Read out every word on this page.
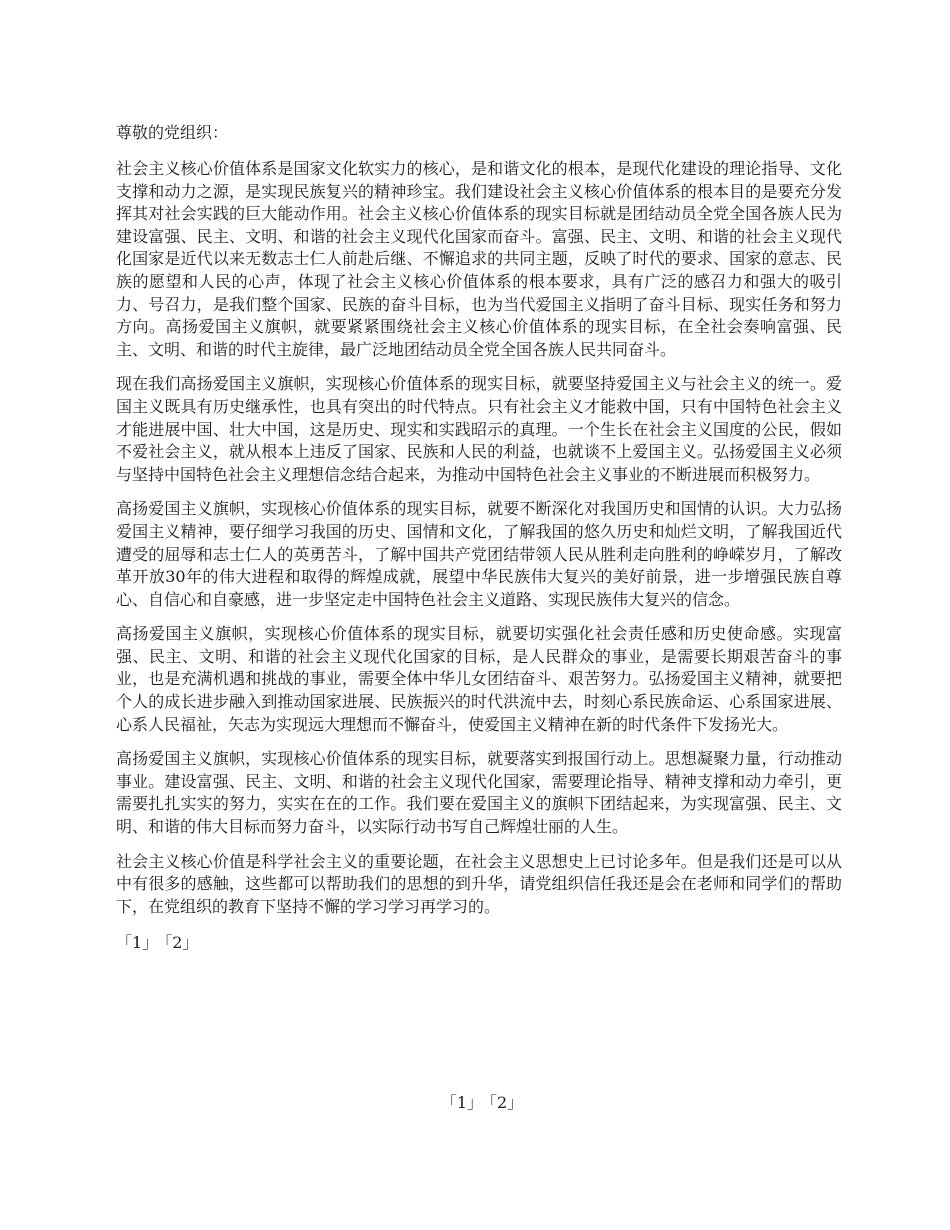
尊敬的党组织：

社会主义核心价值体系是国家文化软实力的核心，是和谐文化的根本，是现代化建设的理论指导、文化支撑和动力之源，是实现民族复兴的精神珍宝。我们建设社会主义核心价值体系的根本目的是要充分发挥其对社会实践的巨大能动作用。社会主义核心价值体系的现实目标就是团结动员全党全国各族人民为建设富强、民主、文明、和谐的社会主义现代化国家而奋斗。富强、民主、文明、和谐的社会主义现代化国家是近代以来无数志士仁人前赴后继、不懈追求的共同主题，反映了时代的要求、国家的意志、民族的愿望和人民的心声，体现了社会主义核心价值体系的根本要求，具有广泛的感召力和强大的吸引力、号召力，是我们整个国家、民族的奋斗目标，也为当代爱国主义指明了奋斗目标、现实任务和努力方向。高扬爱国主义旗帜，就要紧紧围绕社会主义核心价值体系的现实目标，在全社会奏响富强、民主、文明、和谐的时代主旋律，最广泛地团结动员全党全国各族人民共同奋斗。

现在我们高扬爱国主义旗帜，实现核心价值体系的现实目标，就要坚持爱国主义与社会主义的统一。爱国主义既具有历史继承性，也具有突出的时代特点。只有社会主义才能救中国，只有中国特色社会主义才能进展中国、壮大中国，这是历史、现实和实践昭示的真理。一个生长在社会主义国度的公民，假如不爱社会主义，就从根本上违反了国家、民族和人民的利益，也就谈不上爱国主义。弘扬爱国主义必须与坚持中国特色社会主义理想信念结合起来，为推动中国特色社会主义事业的不断进展而积极努力。

高扬爱国主义旗帜，实现核心价值体系的现实目标，就要不断深化对我国历史和国情的认识。大力弘扬爱国主义精神，要仔细学习我国的历史、国情和文化，了解我国的悠久历史和灿烂文明，了解我国近代遭受的屈辱和志士仁人的英勇苦斗，了解中国共产党团结带领人民从胜利走向胜利的峥嵘岁月，了解改革开放30年的伟大进程和取得的辉煌成就，展望中华民族伟大复兴的美好前景，进一步增强民族自尊心、自信心和自豪感，进一步坚定走中国特色社会主义道路、实现民族伟大复兴的信念。

高扬爱国主义旗帜，实现核心价值体系的现实目标，就要切实强化社会责任感和历史使命感。实现富强、民主、文明、和谐的社会主义现代化国家的目标，是人民群众的事业，是需要长期艰苦奋斗的事业，也是充满机遇和挑战的事业，需要全体中华儿女团结奋斗、艰苦努力。弘扬爱国主义精神，就要把个人的成长进步融入到推动国家进展、民族振兴的时代洪流中去，时刻心系民族命运、心系国家进展、心系人民福祉，矢志为实现远大理想而不懈奋斗，使爱国主义精神在新的时代条件下发扬光大。

高扬爱国主义旗帜，实现核心价值体系的现实目标，就要落实到报国行动上。思想凝聚力量，行动推动事业。建设富强、民主、文明、和谐的社会主义现代化国家，需要理论指导、精神支撑和动力牵引，更需要扎扎实实的努力，实实在在的工作。我们要在爱国主义的旗帜下团结起来，为实现富强、民主、文明、和谐的伟大目标而努力奋斗，以实际行动书写自己辉煌壮丽的人生。

社会主义核心价值是科学社会主义的重要论题，在社会主义思想史上已讨论多年。但是我们还是可以从中有很多的感触，这些都可以帮助我们的思想的到升华，请党组织信任我还是会在老师和同学们的帮助下，在党组织的教育下坚持不懈的学习学习再学习的。

「1」 「2」
「1」 「2」
